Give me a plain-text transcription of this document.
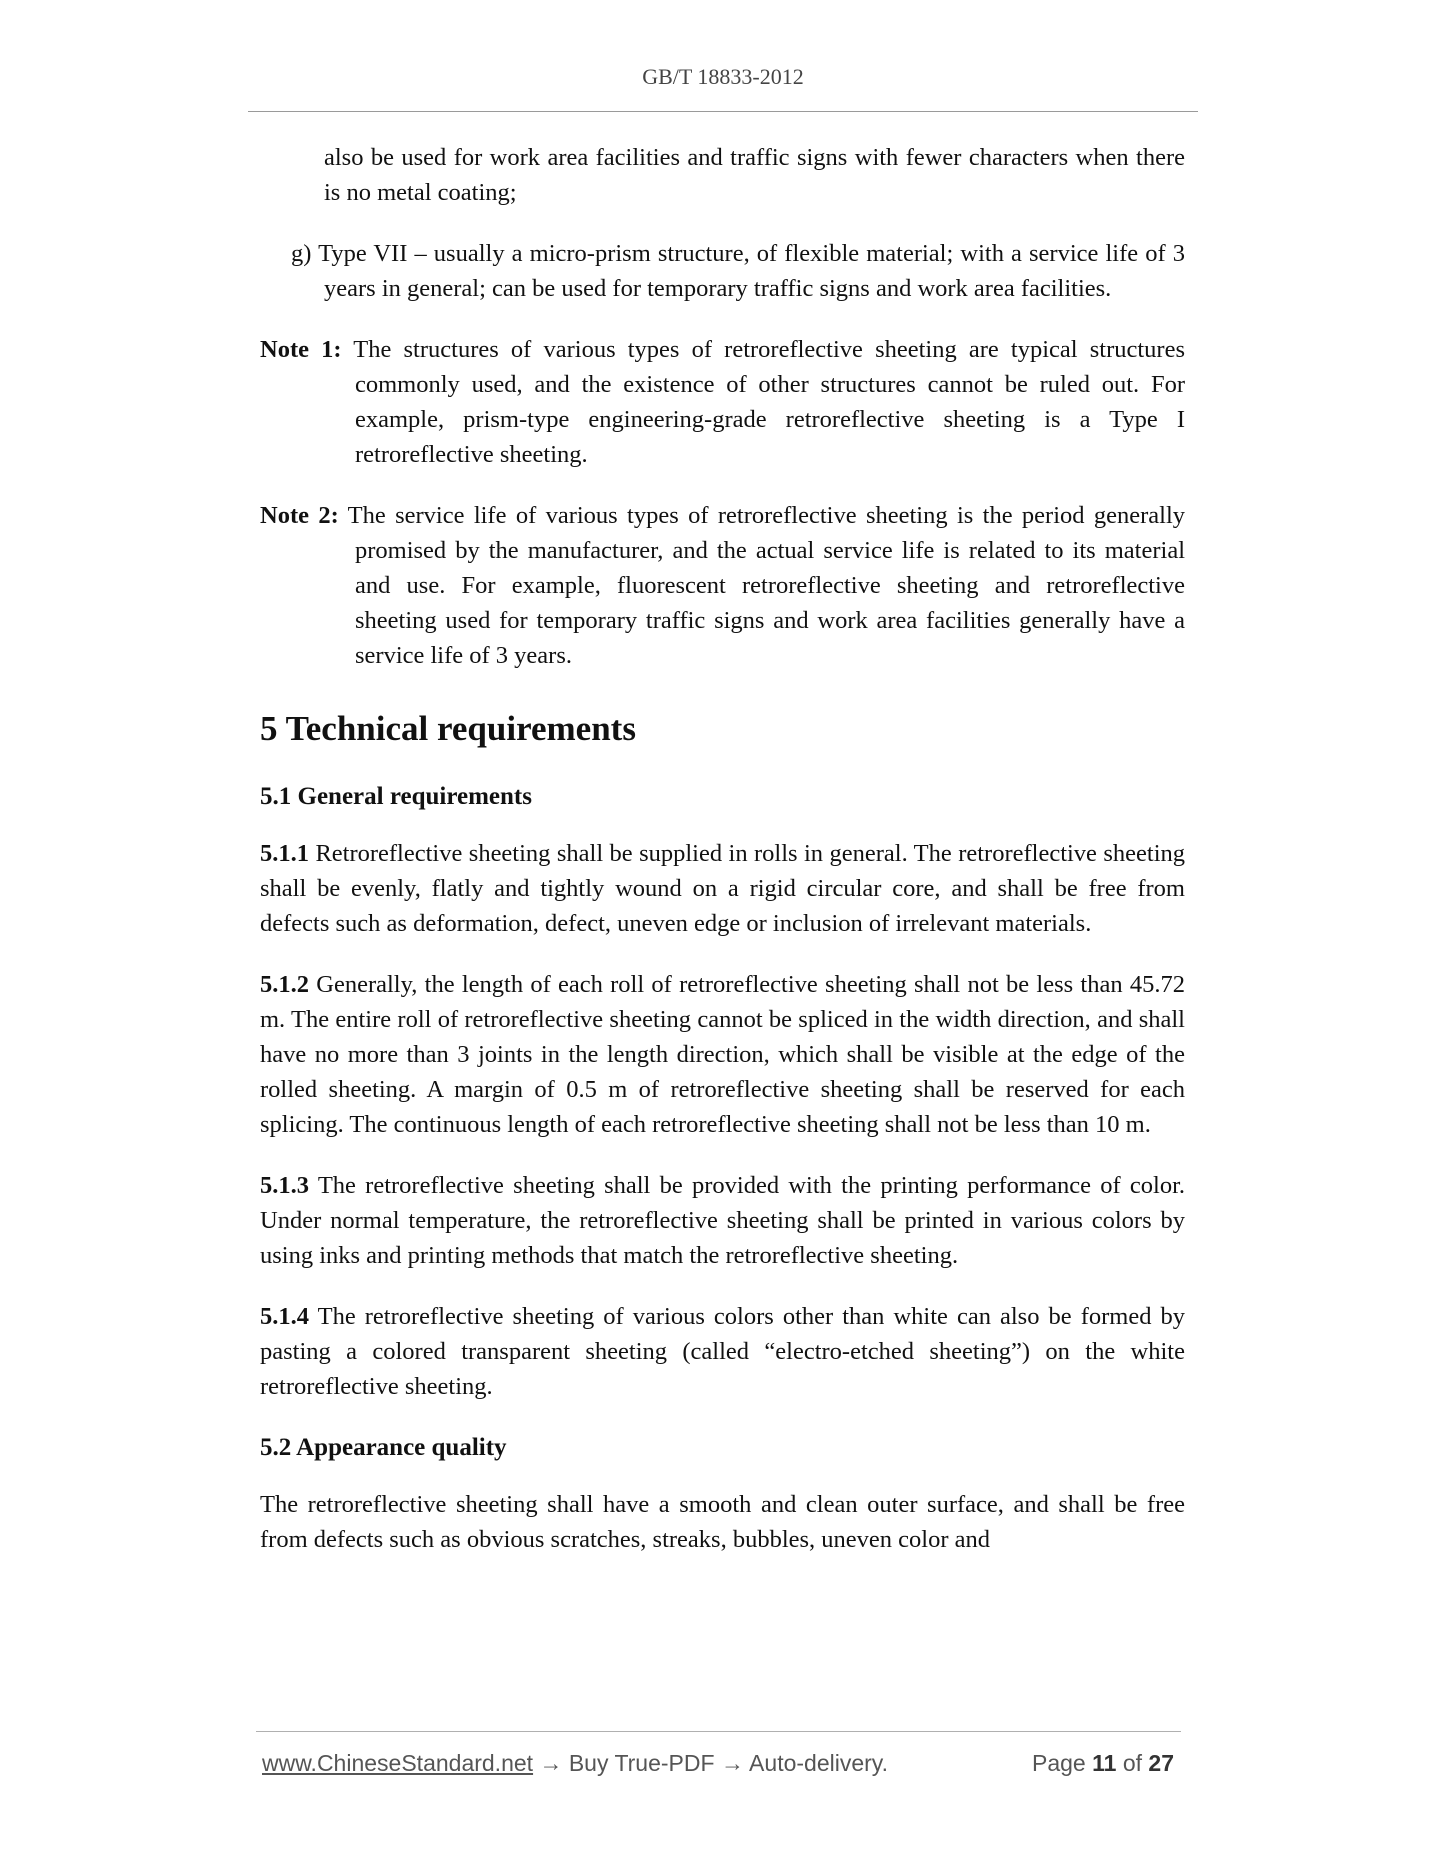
GB/T 18833-2012

also be used for work area facilities and traffic signs with fewer characters when there is no metal coating;

g) Type VII – usually a micro-prism structure, of flexible material; with a service life of 3 years in general; can be used for temporary traffic signs and work area facilities.

Note 1: The structures of various types of retroreflective sheeting are typical structures commonly used, and the existence of other structures cannot be ruled out. For example, prism-type engineering-grade retroreflective sheeting is a Type I retroreflective sheeting.

Note 2: The service life of various types of retroreflective sheeting is the period generally promised by the manufacturer, and the actual service life is related to its material and use. For example, fluorescent retroreflective sheeting and retroreflective sheeting used for temporary traffic signs and work area facilities generally have a service life of 3 years.

5 Technical requirements
5.1 General requirements

5.1.1 Retroreflective sheeting shall be supplied in rolls in general. The retroreflective sheeting shall be evenly, flatly and tightly wound on a rigid circular core, and shall be free from defects such as deformation, defect, uneven edge or inclusion of irrelevant materials.

5.1.2 Generally, the length of each roll of retroreflective sheeting shall not be less than 45.72 m. The entire roll of retroreflective sheeting cannot be spliced in the width direction, and shall have no more than 3 joints in the length direction, which shall be visible at the edge of the rolled sheeting. A margin of 0.5 m of retroreflective sheeting shall be reserved for each splicing. The continuous length of each retroreflective sheeting shall not be less than 10 m.

5.1.3 The retroreflective sheeting shall be provided with the printing performance of color. Under normal temperature, the retroreflective sheeting shall be printed in various colors by using inks and printing methods that match the retroreflective sheeting.

5.1.4 The retroreflective sheeting of various colors other than white can also be formed by pasting a colored transparent sheeting (called “electro-etched sheeting”) on the white retroreflective sheeting.

5.2 Appearance quality

The retroreflective sheeting shall have a smooth and clean outer surface, and shall be free from defects such as obvious scratches, streaks, bubbles, uneven color and

www.ChineseStandard.net → Buy True-PDF → Auto-delivery.	Page 11 of 27
